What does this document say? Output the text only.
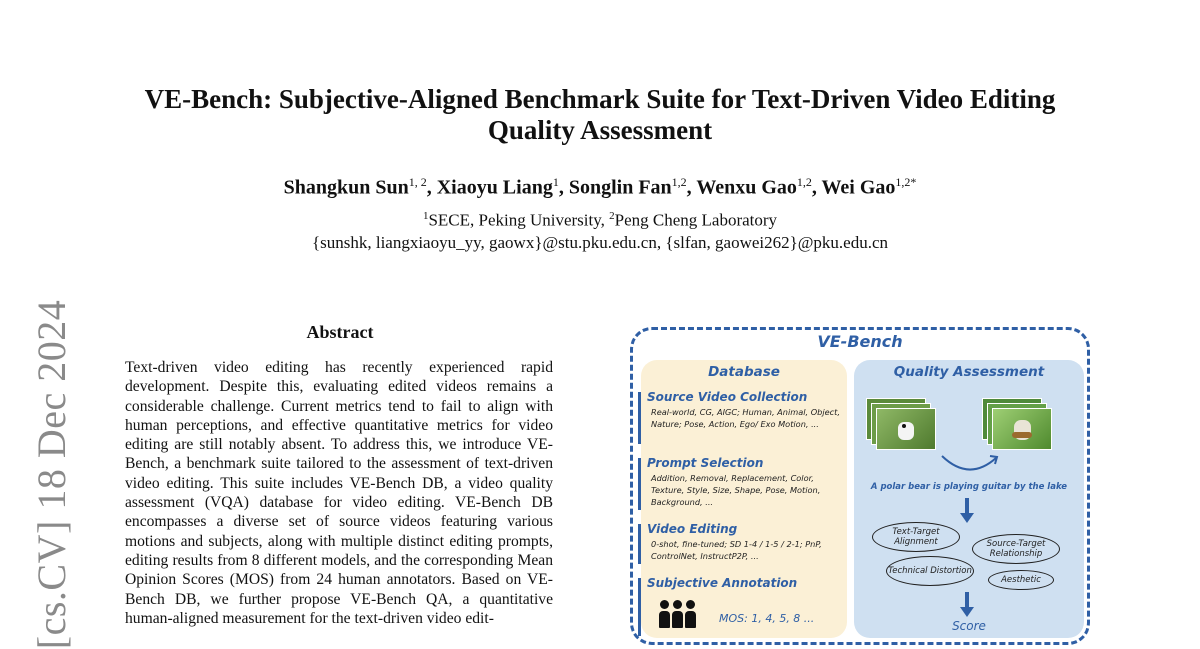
[cs.CV] 18 Dec 2024
VE-Bench: Subjective-Aligned Benchmark Suite for Text-Driven Video Editing Quality Assessment
Shangkun Sun$^{1, 2}$, Xiaoyu Liang$^1$, Songlin Fan$^{1,2}$, Wenxu Gao$^{1,2}$, Wei Gao$^{1,2*}$
$^1$SECE, Peking University, $^2$Peng Cheng Laboratory
{sunshk, liangxiaoyu_yy, gaowx}@stu.pku.edu.cn, {slfan, gaowei262}@pku.edu.cn
Abstract
Text-driven video editing has recently experienced rapid development. Despite this, evaluating edited videos remains a considerable challenge. Current metrics tend to fail to align with human perceptions, and effective quantitative metrics for video editing are still notably absent. To address this, we introduce VE-Bench, a benchmark suite tailored to the assessment of text-driven video editing. This suite includes VE-Bench DB, a video quality assessment (VQA) database for video editing. VE-Bench DB encompasses a diverse set of source videos featuring various motions and subjects, along with multiple distinct editing prompts, editing results from 8 different models, and the corresponding Mean Opinion Scores (MOS) from 24 human annotators. Based on VE-Bench DB, we further propose VE-Bench QA, a quantitative human-aligned measurement for the text-driven video edit-
VE-Bench
Database
Source Video Collection
Real-world, CG, AIGC; Human, Animal, Object, Nature; Pose, Action, Ego/ Exo Motion, ...
Prompt Selection
Addition, Removal, Replacement, Color, Texture, Style, Size, Shape, Pose, Motion, Background, ...
Video Editing
0-shot, fine-tuned; SD 1-4 / 1-5 / 2-1; PnP, ControlNet, InstructP2P, ...
Subjective Annotation
MOS: 1, 4, 5, 8 ...
Quality Assessment
A polar bear is playing guitar by the lake
Text-Target Alignment	Source-Target Relationship
Technical Distortion
Aesthetic
Score
